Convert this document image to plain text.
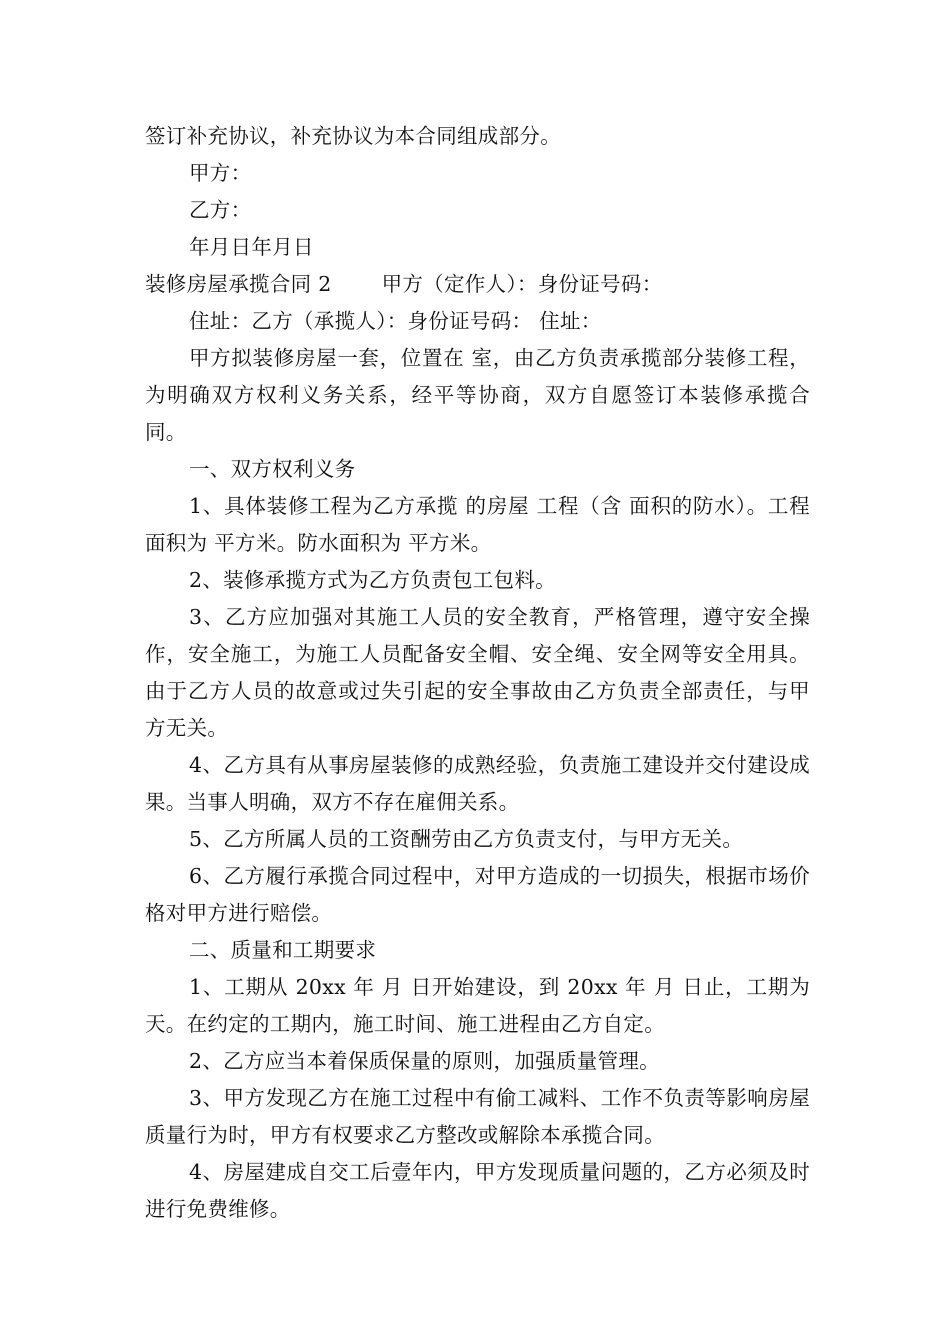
签订补充协议，补充协议为本合同组成部分。

甲方：

乙方：

年月日年月日

装修房屋承揽合同 2 甲方（定作人）：身份证号码：

住址：乙方（承揽人）：身份证号码： 住址：

甲方拟装修房屋一套，位置在 室，由乙方负责承揽部分装修工程，为明确双方权利义务关系，经平等协商，双方自愿签订本装修承揽合同。

一、双方权利义务

1、具体装修工程为乙方承揽 的房屋 工程（含 面积的防水）。工程面积为 平方米。防水面积为 平方米。

2、装修承揽方式为乙方负责包工包料。

3、乙方应加强对其施工人员的安全教育，严格管理，遵守安全操作，安全施工，为施工人员配备安全帽、安全绳、安全网等安全用具。由于乙方人员的故意或过失引起的安全事故由乙方负责全部责任，与甲方无关。

4、乙方具有从事房屋装修的成熟经验，负责施工建设并交付建设成果。当事人明确，双方不存在雇佣关系。

5、乙方所属人员的工资酬劳由乙方负责支付，与甲方无关。

6、乙方履行承揽合同过程中，对甲方造成的一切损失，根据市场价格对甲方进行赔偿。

二、质量和工期要求

1、工期从 20xx 年 月 日开始建设，到 20xx 年 月 日止，工期为天。在约定的工期内，施工时间、施工进程由乙方自定。

2、乙方应当本着保质保量的原则，加强质量管理。

3、甲方发现乙方在施工过程中有偷工减料、工作不负责等影响房屋质量行为时，甲方有权要求乙方整改或解除本承揽合同。

4、房屋建成自交工后壹年内，甲方发现质量问题的，乙方必须及时进行免费维修。
